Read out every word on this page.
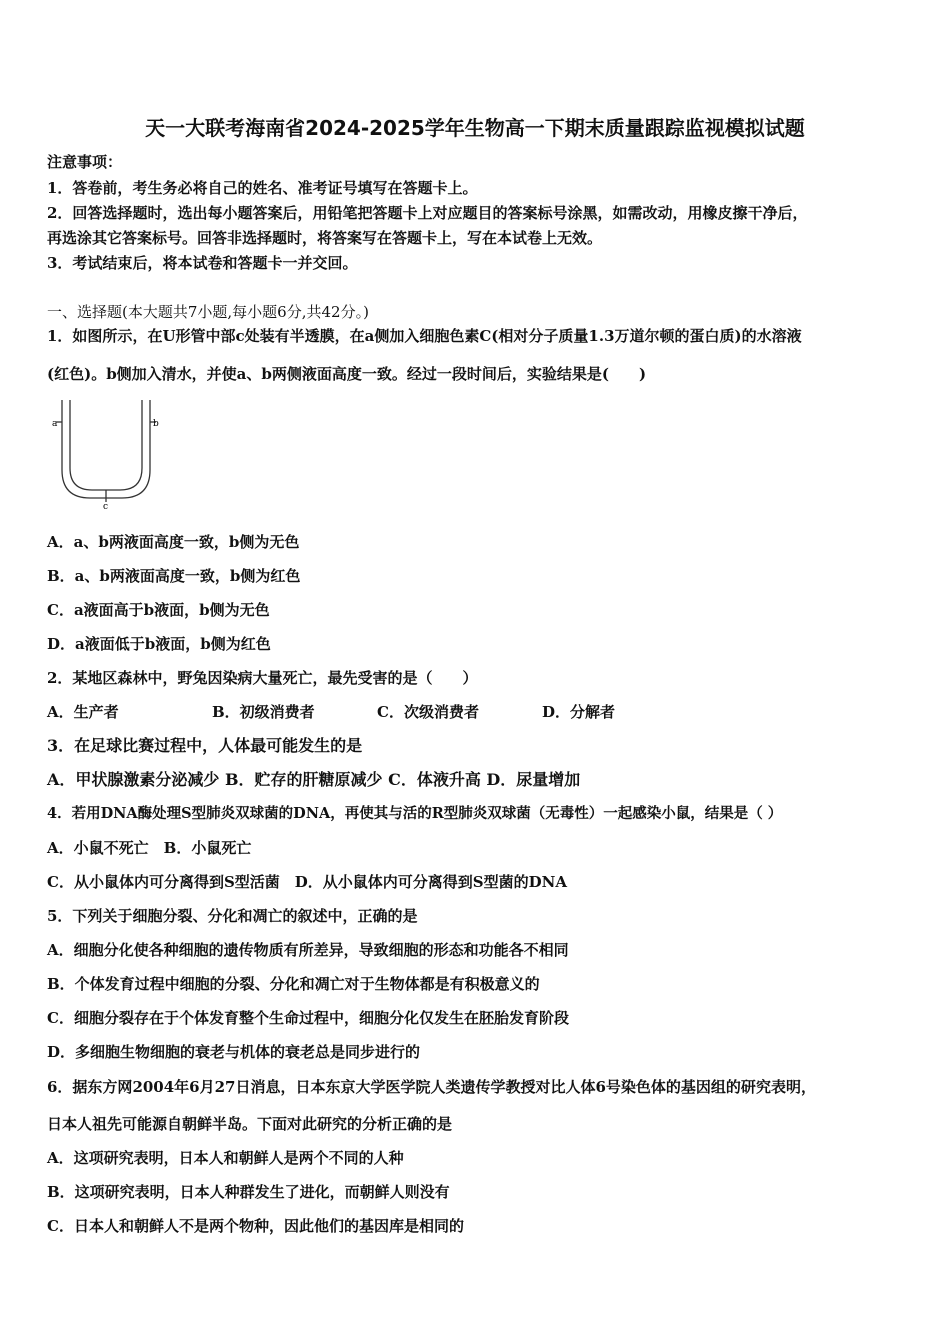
天一大联考海南省2024-2025学年生物高一下期末质量跟踪监视模拟试题
注意事项：
1．答卷前，考生务必将自己的姓名、准考证号填写在答题卡上。
2．回答选择题时，选出每小题答案后，用铅笔把答题卡上对应题目的答案标号涂黑，如需改动，用橡皮擦干净后，
再选涂其它答案标号。回答非选择题时，将答案写在答题卡上，写在本试卷上无效。
3．考试结束后，将本试卷和答题卡一并交回。
一、选择题(本大题共7小题,每小题6分,共42分。)
1．如图所示，在U形管中部c处装有半透膜，在a侧加入细胞色素C(相对分子质量1.3万道尔顿的蛋白质)的水溶液
(红色)。b侧加入清水，并使a、b两侧液面高度一致。经过一段时间后，实验结果是(　　)
a	b
c
A．a、b两液面高度一致，b侧为无色
B．a、b两液面高度一致，b侧为红色
C．a液面高于b液面，b侧为无色
D．a液面低于b液面，b侧为红色
2．某地区森林中，野兔因染病大量死亡，最先受害的是（　　）
A．生产者	B．初级消费者	C．次级消费者	D．分解者
3．在足球比赛过程中，人体最可能发生的是
A．甲状腺激素分泌减少 B．贮存的肝糖原减少 C．体液升高 D．尿量增加
4．若用DNA酶处理S型肺炎双球菌的DNA，再使其与活的R型肺炎双球菌（无毒性）一起感染小鼠，结果是（ ）
A．小鼠不死亡　B．小鼠死亡
C．从小鼠体内可分离得到S型活菌　D．从小鼠体内可分离得到S型菌的DNA
5．下列关于细胞分裂、分化和凋亡的叙述中，正确的是
A．细胞分化使各种细胞的遗传物质有所差异，导致细胞的形态和功能各不相同
B．个体发育过程中细胞的分裂、分化和凋亡对于生物体都是有积极意义的
C．细胞分裂存在于个体发育整个生命过程中，细胞分化仅发生在胚胎发育阶段
D．多细胞生物细胞的衰老与机体的衰老总是同步进行的
6．据东方网2004年6月27日消息，日本东京大学医学院人类遗传学教授对比人体6号染色体的基因组的研究表明，
日本人祖先可能源自朝鲜半岛。下面对此研究的分析正确的是
A．这项研究表明，日本人和朝鲜人是两个不同的人种
B．这项研究表明，日本人种群发生了进化，而朝鲜人则没有
C．日本人和朝鲜人不是两个物种，因此他们的基因库是相同的
